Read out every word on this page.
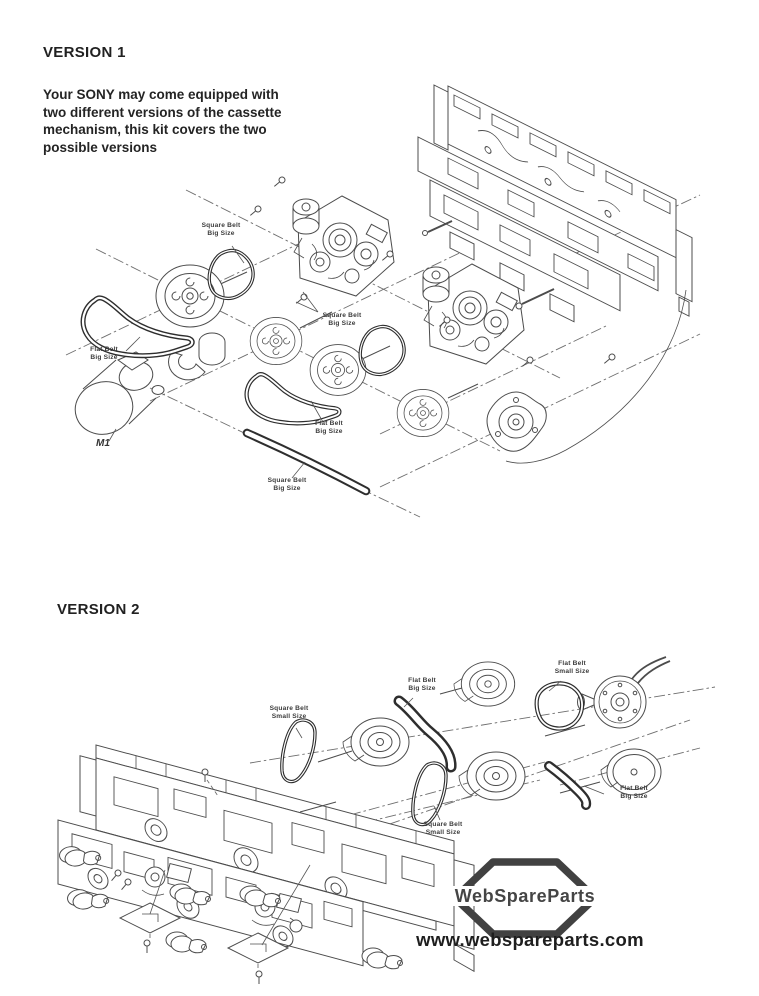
VERSION 1

Your SONY may come equipped with
two different versions of the cassette
mechanism, this kit covers the two
possible versions

Square Belt
Big Size
Flat Belt
Big Size
M1
Square Belt
Big Size
Flat Belt
Big Size
Square Belt
Big Size
VERSION 2
Square Belt
Small Size
Flat Belt
Big Size
Flat Belt
Small Size
Square Belt
Small Size
Flat Belt
Big Size
WebSpareParts
www.webspareparts.com
